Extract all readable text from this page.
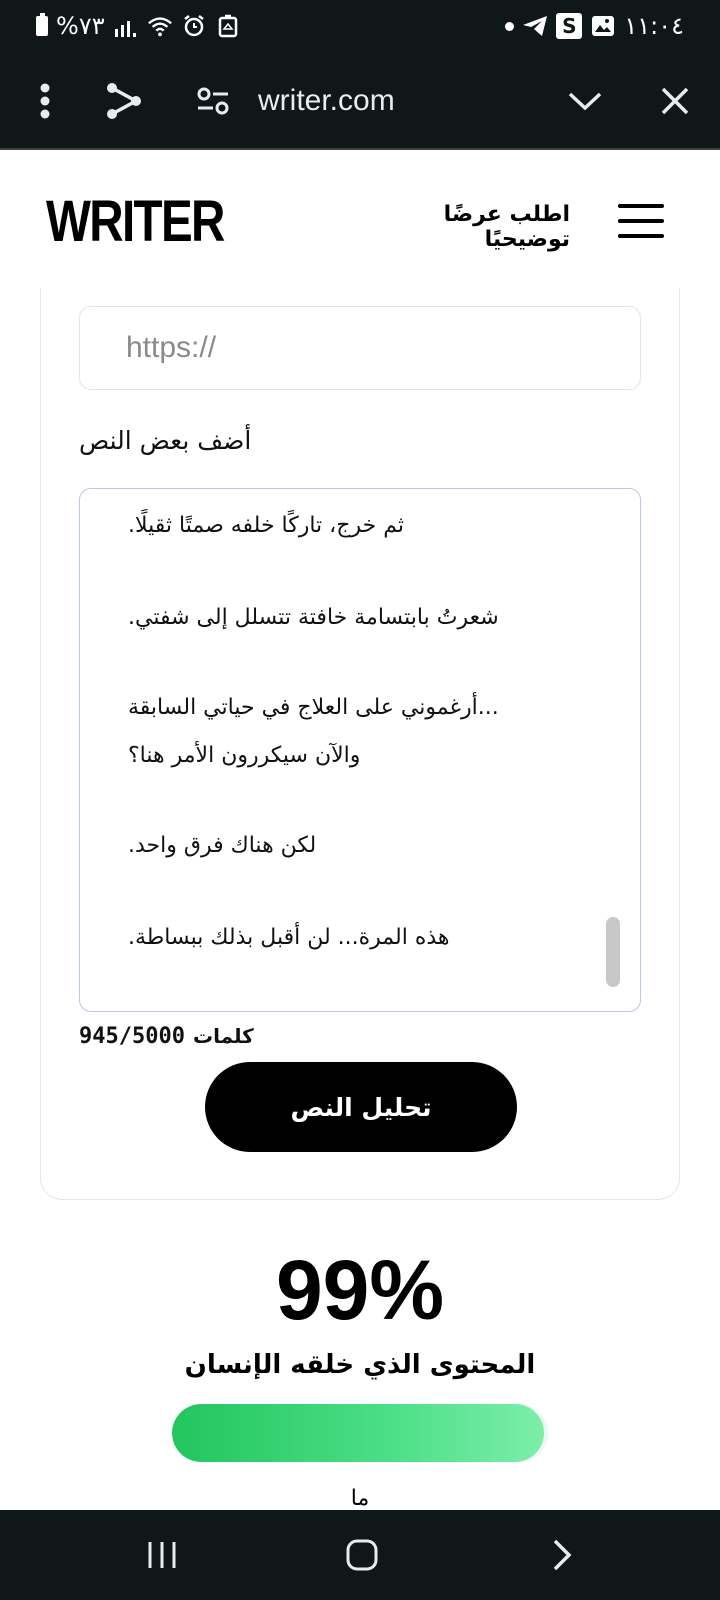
%٧٣	S ١١:٠٤
writer.com
WRITER	اطلب عرضًا توضيحيًا
https://
أضف بعض النص
.ثم خرج، تاركًا خلفه صمتًا ثقيلًا
.شعرتُ بابتسامة خافتة تتسلل إلى شفتي
أرغموني على العلاج في حياتي السابقة...
والآن سيكررون الأمر هنا؟
.لكن هناك فرق واحد
.هذه المرة... لن أقبل بذلك ببساطة
945/5000 كلمات
تحليل النص
99%
المحتوى الذي خلقه الإنسان
ما
